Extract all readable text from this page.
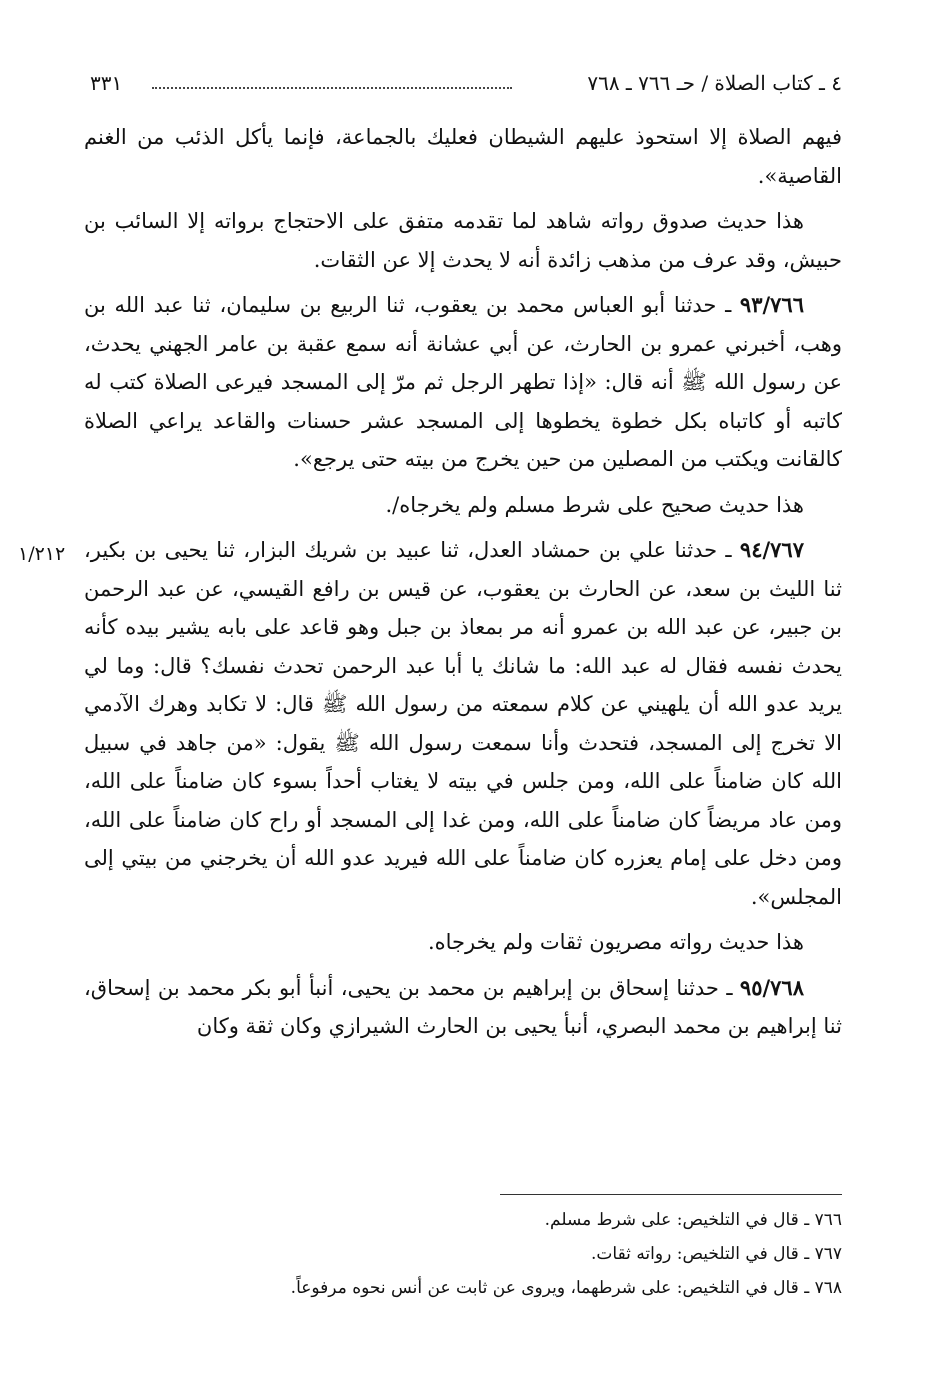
٤ ـ كتاب الصلاة / حـ ٧٦٦ ـ ٧٦٨
٣٣١
١/٢١٢

فيهم الصلاة إلا استحوذ عليهم الشيطان فعليك بالجماعة، فإنما يأكل الذئب من الغنم القاصية».

هذا حديث صدوق رواته شاهد لما تقدمه متفق على الاحتجاج برواته إلا السائب بن حبيش، وقد عرف من مذهب زائدة أنه لا يحدث إلا عن الثقات.

٩٣/٧٦٦ ـ حدثنا أبو العباس محمد بن يعقوب، ثنا الربيع بن سليمان، ثنا عبد الله بن وهب، أخبرني عمرو بن الحارث، عن أبي عشانة أنه سمع عقبة بن عامر الجهني يحدث، عن رسول الله ﷺ أنه قال: «إذا تطهر الرجل ثم مرّ إلى المسجد فيرعى الصلاة كتب له كاتبه أو كاتباه بكل خطوة يخطوها إلى المسجد عشر حسنات والقاعد يراعي الصلاة كالقانت ويكتب من المصلين من حين يخرج من بيته حتى يرجع».

هذا حديث صحيح على شرط مسلم ولم يخرجاه/.

٩٤/٧٦٧ ـ حدثنا علي بن حمشاد العدل، ثنا عبيد بن شريك البزار، ثنا يحيى بن بكير، ثنا الليث بن سعد، عن الحارث بن يعقوب، عن قيس بن رافع القيسي، عن عبد الرحمن بن جبير، عن عبد الله بن عمرو أنه مر بمعاذ بن جبل وهو قاعد على بابه يشير بيده كأنه يحدث نفسه فقال له عبد الله: ما شانك يا أبا عبد الرحمن تحدث نفسك؟ قال: وما لي يريد عدو الله أن يلهيني عن كلام سمعته من رسول الله ﷺ قال: لا تكابد وهرك الآدمي الا تخرج إلى المسجد، فتحدث وأنا سمعت رسول الله ﷺ يقول: «من جاهد في سبيل الله كان ضامناً على الله، ومن جلس في بيته لا يغتاب أحداً بسوء كان ضامناً على الله، ومن عاد مريضاً كان ضامناً على الله، ومن غدا إلى المسجد أو راح كان ضامناً على الله، ومن دخل على إمام يعزره كان ضامناً على الله فيريد عدو الله أن يخرجني من بيتي إلى المجلس».

هذا حديث رواته مصريون ثقات ولم يخرجاه.

٩٥/٧٦٨ ـ حدثنا إسحاق بن إبراهيم بن محمد بن يحيى، أنبأ أبو بكر محمد بن إسحاق، ثنا إبراهيم بن محمد البصري، أنبأ يحيى بن الحارث الشيرازي وكان ثقة وكان

٧٦٦ ـ قال في التلخيص: على شرط مسلم.
٧٦٧ ـ قال في التلخيص: رواته ثقات.
٧٦٨ ـ قال في التلخيص: على شرطهما، ويروى عن ثابت عن أنس نحوه مرفوعاً.
